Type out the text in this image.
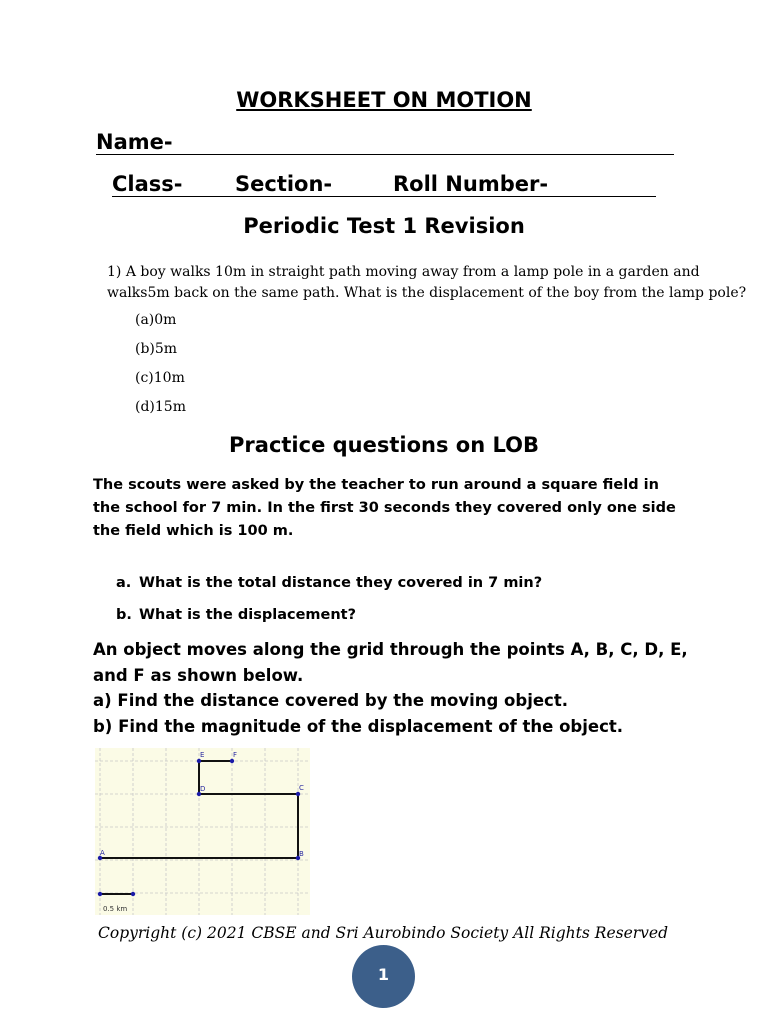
WORKSHEET ON MOTION
Name-
Class-	Section-	Roll Number-
Periodic Test 1 Revision
1) A boy walks 10m in straight path moving away from a lamp pole in a garden and
walks5m back on the same path. What is the displacement of the boy from the lamp pole?
(a)0m
(b)5m
(c)10m
(d)15m
Practice questions on LOB
The scouts were asked by the teacher to run around a square field in
the school for 7 min. In the first 30 seconds they covered only one side
the field which is 100 m.
a. What is the total distance they covered in 7 min?
b. What is the displacement?
An object moves along the grid through the points A, B, C, D, E,
and F as shown below.
a) Find the distance covered by the moving object.
b) Find the magnitude of the displacement of the object.
A	B
C
D
E	F
0.5 km
Copyright (c) 2021 CBSE and Sri Aurobindo Society All Rights Reserved
1
